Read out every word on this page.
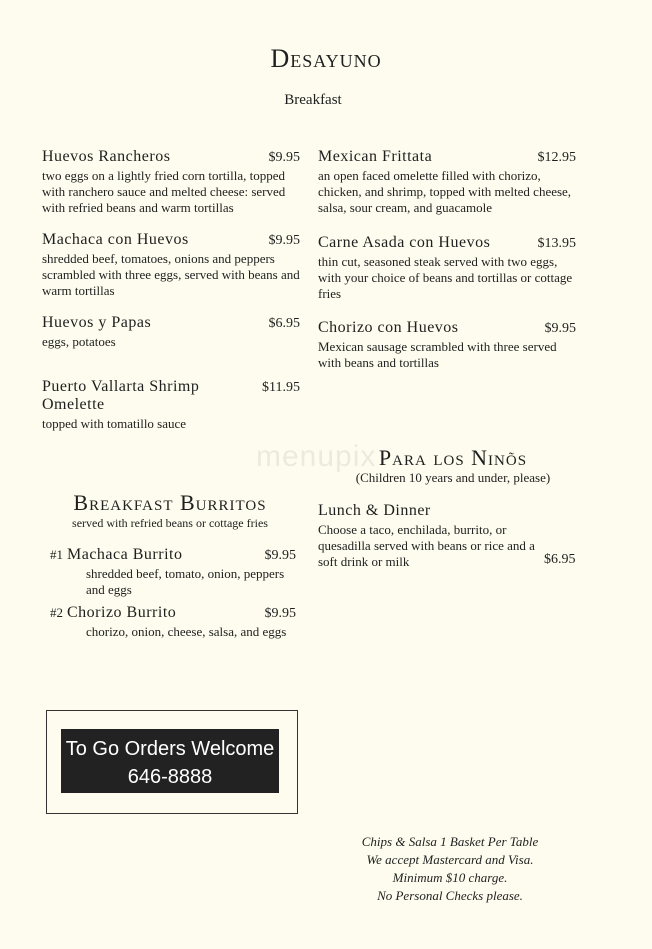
menupix
Desayuno
Breakfast
Huevos Rancheros	$9.95
two eggs on a lightly fried corn tortilla, topped with ranchero sauce and melted cheese: served with refried beans and warm tortillas
Machaca con Huevos	$9.95
shredded beef, tomatoes, onions and peppers scrambled with three eggs, served with beans and warm tortillas
Huevos y Papas	$6.95
eggs, potatoes
Puerto Vallarta Shrimp Omelette
$11.95
topped with tomatillo sauce
Mexican Frittata	$12.95
an open faced omelette filled with chorizo, chicken, and shrimp, topped with melted cheese, salsa, sour cream, and guacamole
Carne Asada con Huevos	$13.95
thin cut, seasoned steak served with two eggs, with your choice of beans and tortillas or cottage fries
Chorizo con Huevos	$9.95
Mexican sausage scrambled with three served with beans and tortillas
Breakfast Burritos
served with refried beans or cottage fries
#1 Machaca Burrito	$9.95
shredded beef, tomato, onion, peppers and eggs
#2 Chorizo Burrito	$9.95
chorizo, onion, cheese, salsa, and eggs
Para los Ninõs
(Children 10 years and under, please)
Lunch & Dinner
Choose a taco, enchilada, burrito, or quesadilla served with beans or rice and a soft drink or milk	$6.95
To Go Orders Welcome
646-8888
Chips & Salsa 1 Basket Per Table
We accept Mastercard and Visa.
Minimum $10 charge.
No Personal Checks please.
